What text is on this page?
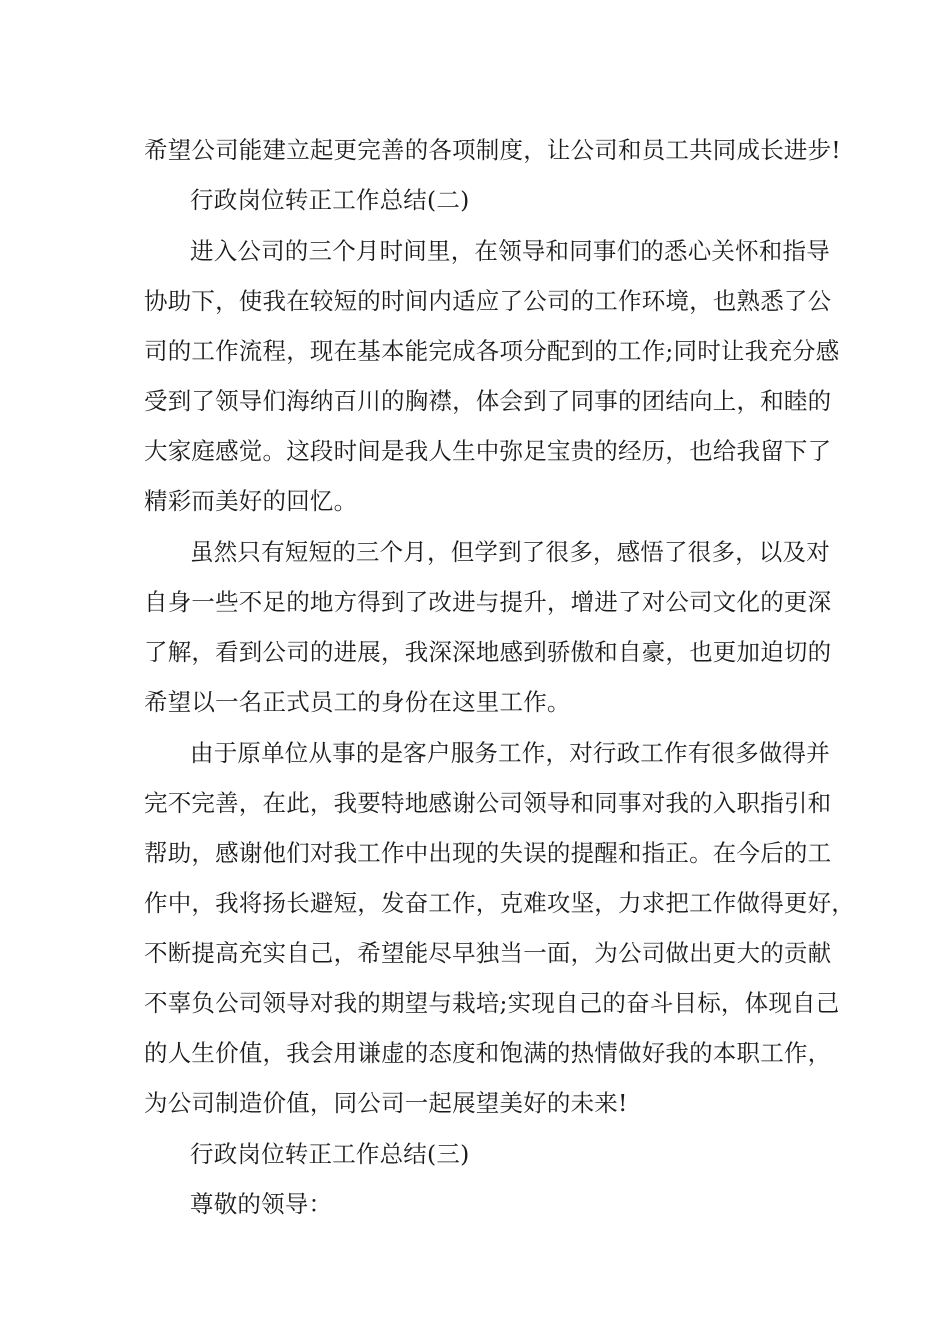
希望公司能建立起更完善的各项制度，让公司和员工共同成长进步!
行政岗位转正工作总结(二)
进入公司的三个月时间里，在领导和同事们的悉心关怀和指导
协助下，使我在较短的时间内适应了公司的工作环境，也熟悉了公
司的工作流程，现在基本能完成各项分配到的工作;同时让我充分感
受到了领导们海纳百川的胸襟，体会到了同事的团结向上，和睦的
大家庭感觉。这段时间是我人生中弥足宝贵的经历，也给我留下了
精彩而美好的回忆。
虽然只有短短的三个月，但学到了很多，感悟了很多，以及对
自身一些不足的地方得到了改进与提升，增进了对公司文化的更深
了解，看到公司的进展，我深深地感到骄傲和自豪，也更加迫切的
希望以一名正式员工的身份在这里工作。
由于原单位从事的是客户服务工作，对行政工作有很多做得并
完不完善，在此，我要特地感谢公司领导和同事对我的入职指引和
帮助，感谢他们对我工作中出现的失误的提醒和指正。在今后的工
作中，我将扬长避短，发奋工作，克难攻坚，力求把工作做得更好，
不断提高充实自己，希望能尽早独当一面，为公司做出更大的贡献
不辜负公司领导对我的期望与栽培;实现自己的奋斗目标，体现自己
的人生价值，我会用谦虚的态度和饱满的热情做好我的本职工作，
为公司制造价值，同公司一起展望美好的未来!
行政岗位转正工作总结(三)
尊敬的领导：
